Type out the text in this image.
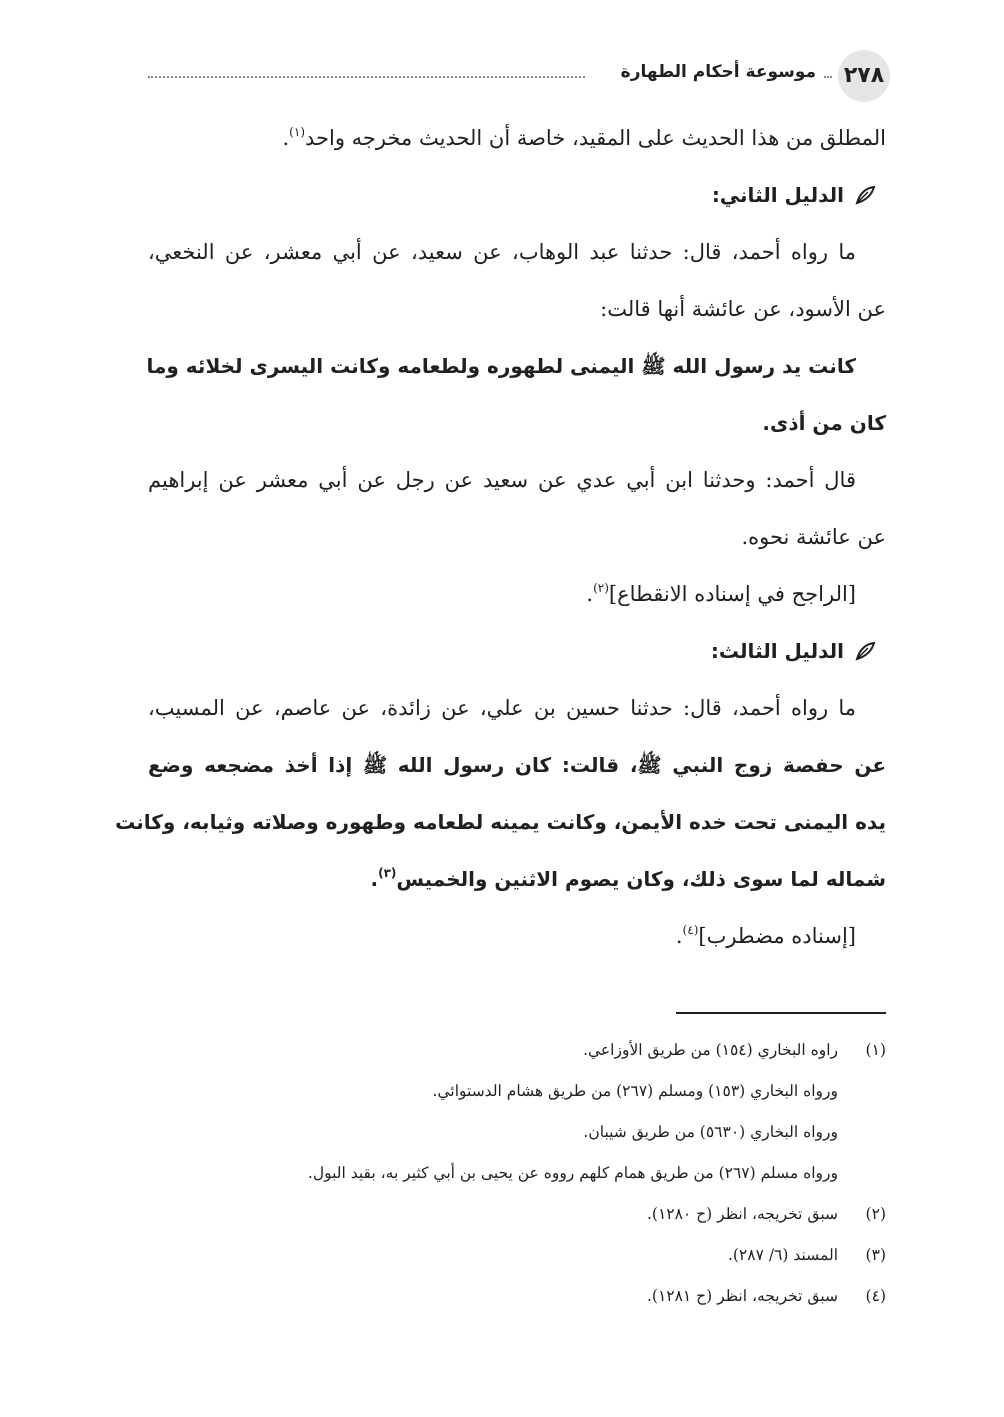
٢٧٨
موسوعة أحكام الطهارة
المطلق من هذا الحديث على المقيد، خاصة أن الحديث مخرجه واحد$^{(١)}$.
الدليل الثاني:
ما رواه أحمد، قال: حدثنا عبد الوهاب، عن سعيد، عن أبي معشر، عن النخعي،
عن الأسود، عن عائشة أنها قالت:
كانت يد رسول الله ﷺ اليمنى لطهوره ولطعامه وكانت اليسرى لخلائه وما
كان من أذى.
قال أحمد: وحدثنا ابن أبي عدي عن سعيد عن رجل عن أبي معشر عن إبراهيم
عن عائشة نحوه.
[الراجح في إسناده الانقطاع]$^{(٢)}$.
الدليل الثالث:
ما رواه أحمد، قال: حدثنا حسين بن علي، عن زائدة، عن عاصم، عن المسيب،
عن حفصة زوج النبي ﷺ، قالت: كان رسول الله ﷺ إذا أخذ مضجعه وضع
يده اليمنى تحت خده الأيمن، وكانت يمينه لطعامه وطهوره وصلاته وثيابه، وكانت
شماله لما سوى ذلك، وكان يصوم الاثنين والخميس$^{(٣)}$.
[إسناده مضطرب]$^{(٤)}$.
(١)
راوه البخاري (١٥٤) من طريق الأوزاعي.
ورواه البخاري (١٥٣) ومسلم (٢٦٧) من طريق هشام الدستوائي.
ورواه البخاري (٥٦٣٠) من طريق شيبان.
ورواه مسلم (٢٦٧) من طريق همام كلهم رووه عن يحيى بن أبي كثير به، بقيد البول.
(٢)
سبق تخريجه، انظر (ح ١٢٨٠).
(٣)
المسند (٦/ ٢٨٧).
(٤)
سبق تخريجه، انظر (ح ١٢٨١).
